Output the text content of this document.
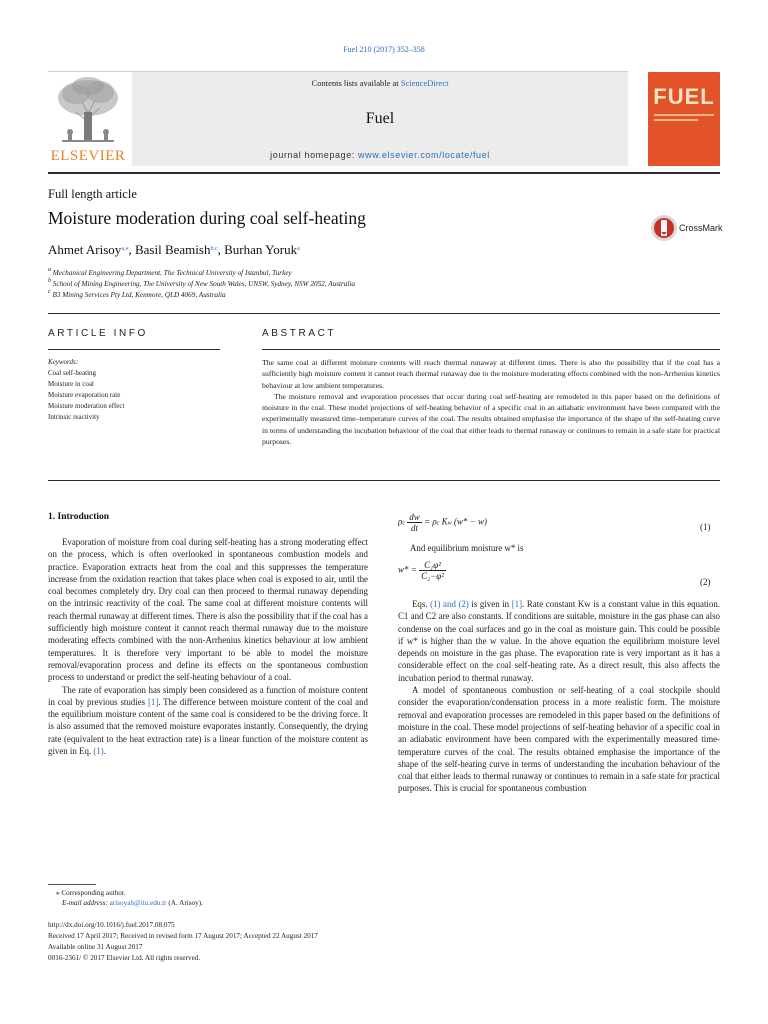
Fuel 210 (2017) 352–358
ELSEVIER
Contents lists available at ScienceDirect
Fuel
journal homepage: www.elsevier.com/locate/fuel
FUEL
Full length article
Moisture moderation during coal self-heating	CrossMark
Ahmet Arisoy$^{a,⁎}$, Basil Beamish$^{b,c}$, Burhan Yoruk$^a$
$^a$ Mechanical Engineering Department, The Technical University of Istanbul, Turkey
$^b$ School of Mining Engineering, The University of New South Wales, UNSW, Sydney, NSW 2052, Australia
$^c$ B3 Mining Services Pty Ltd, Kenmore, QLD 4069, Australia
ARTICLE INFO	ABSTRACT
Keywords:
Coal self-heating
Moisture in coal
Moisture evaporation rate
Moisture moderation effect
Intrinsic reactivity

The same coal at different moisture contents will reach thermal runaway at different times. There is also the possibility that if the coal has a sufficiently high moisture content it cannot reach thermal runaway due to the moisture moderating effects combined with the non-Arrhenius kinetics behaviour at low ambient temperatures.

The moisture removal and evaporation processes that occur during coal self-heating are remodeled in this paper based on the definitions of moisture in the coal. These model projections of self-heating behavior of a specific coal in an adiabatic environment have been compared with the experimentally measured time–temperature curves of the coal. The results obtained emphasise the importance of the shape of the self-heating curve in terms of understanding the incubation behaviour of the coal that either leads to thermal runaway or continues to remain in a safe state for practical purposes.

1. Introduction

Evaporation of moisture from coal during self-heating has a strong moderating effect on the process, which is often overlooked in spontaneous combustion models and practice. Evaporation extracts heat from the coal and this suppresses the temperature increase from the oxidation reaction that takes place when coal is exposed to air, until the coal becomes completely dry. Dry coal can then proceed to thermal runaway depending on the intrinsic reactivity of the coal. The same coal at different moisture contents will reach thermal runaway at different times. There is also the possibility that if the coal has a sufficiently high moisture content it cannot reach thermal runaway due to the moisture moderating effects combined with the non-Arrhenius kinetics behaviour at low ambient temperatures. It is therefore very important to be able to model the moisture removal/evaporation process and define its effects on the spontaneous combustion process to understand or predict the self-heating behaviour of a coal.

The rate of evaporation has simply been considered as a function of moisture content in coal by previous studies [1]. The difference between moisture content of the coal and the equilibrium moisture content of the same coal is considered to be the driving force. It is also assumed that the removed moisture evaporates instantly. Consequently, the drying rate (equivalent to the heat extraction rate) is a linear function of the moisture content as given in Eq. (1).

ρc $\frac{dw}{dt} = \rho c$ Kw (w* − w)
(1)
And equilibrium moisture w* is
$w* = \frac{\text{C₁φ²}}{\text{C₂−φ²}}$
(2)

Eqs. (1) and (2) is given in [1]. Rate constant Kw is a constant value in this equation. C1 and C2 are also constants. If conditions are suitable, moisture in the gas phase can also condense on the coal surfaces and go in the coal as moisture gain. This could be possible if w* is higher than the w value. In the above equation the equilibrium moisture level depends on moisture in the gas phase. The evaporation rate is very important as it has a considerable effect on the coal self-heating rate. As a direct result, this also affects the incubation period to thermal runaway.

A model of spontaneous combustion or self-heating of a coal stockpile should consider the evaporation/condensation process in a more realistic form. The moisture removal and evaporation processes are remodeled in this paper based on the definitions of moisture in the coal. These model projections of self-heating behavior of a specific coal in an adiabatic environment have been compared with the experimentally measured time-temperature curves of the coal. The results obtained emphasise the importance of the shape of the self-heating curve in terms of understanding the incubation behaviour of the coal that either leads to thermal runaway or continues to remain in a safe state for practical purposes. This is crucial for spontaneous combustion

⁎ Corresponding author.
E-mail address: arisoyah@itu.edu.tr (A. Arisoy).
http://dx.doi.org/10.1016/j.fuel.2017.08.075
Received 17 April 2017; Received in revised form 17 August 2017; Accepted 22 August 2017
Available online 31 August 2017
0016-2361/ © 2017 Elsevier Ltd. All rights reserved.
